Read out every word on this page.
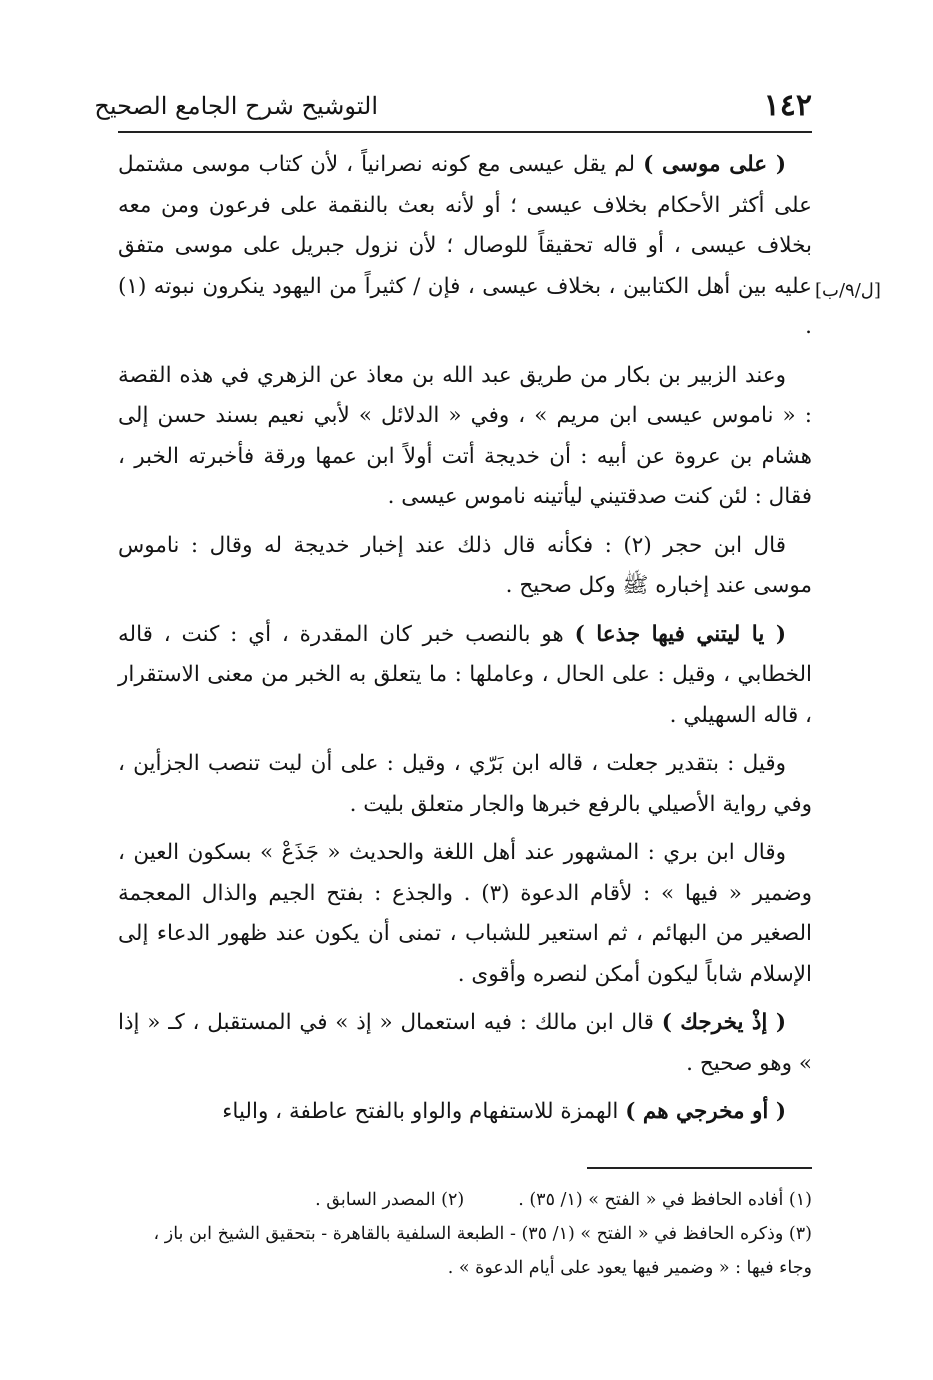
التوشيح شرح الجامع الصحيح	١٤٢
[ل/٩/ب]

( على موسى ) لم يقل عيسى مع كونه نصرانياً ، لأن كتاب موسى مشتمل على أكثر الأحكام بخلاف عيسى ؛ أو لأنه بعث بالنقمة على فرعون ومن معه بخلاف عيسى ، أو قاله تحقيقاً للوصال ؛ لأن نزول جبريل على موسى متفق عليه بين أهل الكتابين ، بخلاف عيسى ، فإن / كثيراً من اليهود ينكرون نبوته (١) .

وعند الزبير بن بكار من طريق عبد الله بن معاذ عن الزهري في هذه القصة : « ناموس عيسى ابن مريم » ، وفي « الدلائل » لأبي نعيم بسند حسن إلى هشام بن عروة عن أبيه : أن خديجة أتت أولاً ابن عمها ورقة فأخبرته الخبر ، فقال : لئن كنت صدقتيني ليأتينه ناموس عيسى .

قال ابن حجر (٢) : فكأنه قال ذلك عند إخبار خديجة له وقال : ناموس موسى عند إخباره ﷺ وكل صحيح .

( يا ليتني فيها جذعا ) هو بالنصب خبر كان المقدرة ، أي : كنت ، قاله الخطابي ، وقيل : على الحال ، وعاملها : ما يتعلق به الخبر من معنى الاستقرار ، قاله السهيلي .

وقيل : بتقدير جعلت ، قاله ابن بَرّي ، وقيل : على أن ليت تنصب الجزأين ، وفي رواية الأصيلي بالرفع خبرها والجار متعلق بليت .

وقال ابن بري : المشهور عند أهل اللغة والحديث « جَذَعْ » بسكون العين ، وضمير « فيها » : لأقام الدعوة (٣) . والجذع : بفتح الجيم والذال المعجمة الصغير من البهائم ، ثم استعير للشباب ، تمنى أن يكون عند ظهور الدعاء إلى الإسلام شاباً ليكون أمكن لنصره وأقوى .

( إذْ يخرجك ) قال ابن مالك : فيه استعمال « إذ » في المستقبل ، كـ « إذا » وهو صحيح .

( أو مخرجي هم ) الهمزة للاستفهام والواو بالفتح عاطفة ، والياء

(١) أفاده الحافظ في « الفتح » (١/ ٣٥) .
(٢) المصدر السابق .

(٣) وذكره الحافظ في « الفتح » (١/ ٣٥) - الطبعة السلفية بالقاهرة - بتحقيق الشيخ ابن باز ، وجاء فيها : « وضمير فيها يعود على أيام الدعوة » .
